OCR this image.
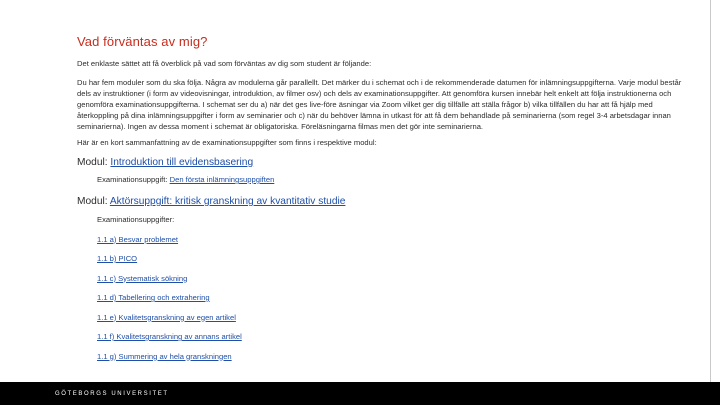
Vad förväntas av mig?

Det enklaste sättet att få överblick på vad som förväntas av dig som student är följande:

Du har fem moduler som du ska följa. Några av modulerna går parallellt. Det märker du i schemat och i de rekommenderade datumen för inlämningsuppgifterna. Varje modul består dels av instruktioner (i form av videovisningar, introduktion, av filmer osv) och dels av examinationsuppgifter. Att genomföra kursen innebär helt enkelt att följa instruktionerna och genomföra examinationsuppgifterna. I schemat ser du a) när det ges live-före äsningar via Zoom vilket ger dig tillfälle att ställa frågor b) vilka tillfällen du har att få hjälp med återkoppling på dina inlämningsuppgifter i form av seminarier och c) när du behöver lämna in utkast för att få dem behandlade på seminarierna (som regel 3-4 arbetsdagar innan seminarierna). Ingen av dessa moment i schemat är obligatoriska. Föreläsningarna filmas men det gör inte seminarierna.

Här är en kort sammanfattning av de examinationsuppgifter som finns i respektive modul:

Modul: Introduktion till evidensbasering
Examinationsuppgift: Den första inlämningsuppgiften
Modul: Aktörsuppgift: kritisk granskning av kvantitativ studie
Examinationsuppgifter:
1.1 a) Besvar problemet
1.1 b) PICO
1.1 c) Systematisk sökning
1.1 d) Tabellering och extrahering
1.1 e) Kvalitetsgranskning av egen artikel
1.1 f) Kvalitetsgranskning av annans artikel
1.1 g) Summering av hela granskningen
GÖTEBORGS UNIVERSITET
